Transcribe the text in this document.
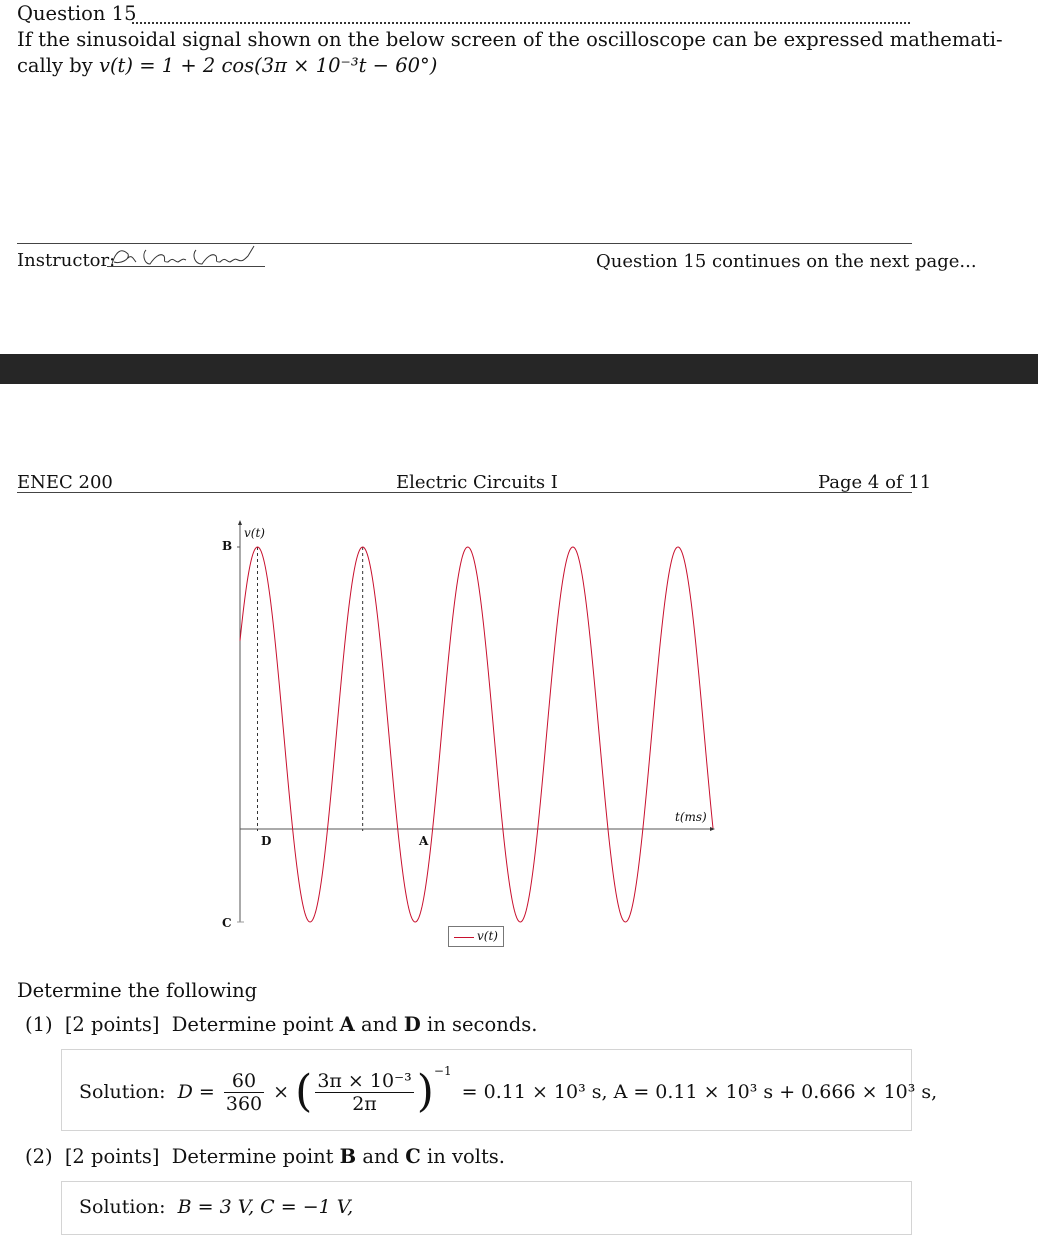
Question 15
If the sinusoidal signal shown on the below screen of the oscilloscope can be expressed mathemati-
cally by v(t) = 1 + 2 cos(3π × 10⁻³t − 60°)
Instructor:	Question 15 continues on the next page...
ENEC 200	Electric Circuits I	Page 4 of 11
v(t)
t(ms)
B
C
D	A
v(t)
Determine the following
(1) [2 points] Determine point A and D in seconds.
Solution: $D = \frac{60}{360}$ × ( $\frac{\text{3π × 10⁻³}}{2\pi} )^{-1} = 0.11 \times 10^3$ s, A = 0.11 × 10³ s + 0.666 × 10³ s,
(2) [2 points] Determine point B and C in volts.
Solution: B = 3 V, C = −1 V,
